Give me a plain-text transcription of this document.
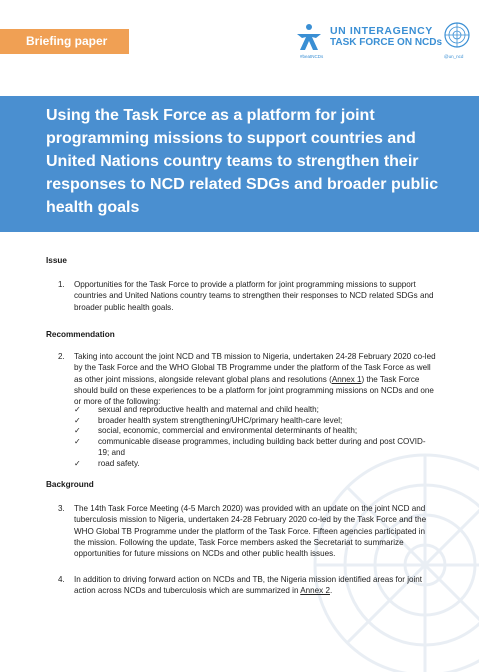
Briefing paper
UN INTERAGENCY
TASK FORCE ON NCDs
#beatNCDs	@un_ncd
Using the Task Force as a platform for joint programming missions to support countries and United Nations country teams to strengthen their responses to NCD related SDGs and broader public health goals
Issue
1. Opportunities for the Task Force to provide a platform for joint programming missions to support countries and United Nations country teams to strengthen their responses to NCD related SDGs and broader public health goals.
Recommendation
2. Taking into account the joint NCD and TB mission to Nigeria, undertaken 24-28 February 2020 co-led by the Task Force and the WHO Global TB Programme under the platform of the Task Force as well as other joint missions, alongside relevant global plans and resolutions (Annex 1) the Task Force should build on these experiences to be a platform for joint programming missions on NCDs and one or more of the following:
✓ sexual and reproductive health and maternal and child health;
✓ broader health system strengthening/UHC/primary health-care level;
✓ social, economic, commercial and environmental determinants of health;
✓ communicable disease programmes, including building back better during and post COVID-19; and
✓ road safety.
Background
3. The 14th Task Force Meeting (4-5 March 2020) was provided with an update on the joint NCD and tuberculosis mission to Nigeria, undertaken 24-28 February 2020 co-led by the Task Force and the WHO Global TB Programme under the platform of the Task Force. Fifteen agencies participated in the mission. Following the update, Task Force members asked the Secretariat to summarize opportunities for future missions on NCDs and other public health issues.
4. In addition to driving forward action on NCDs and TB, the Nigeria mission identified areas for joint action across NCDs and tuberculosis which are summarized in Annex 2.
